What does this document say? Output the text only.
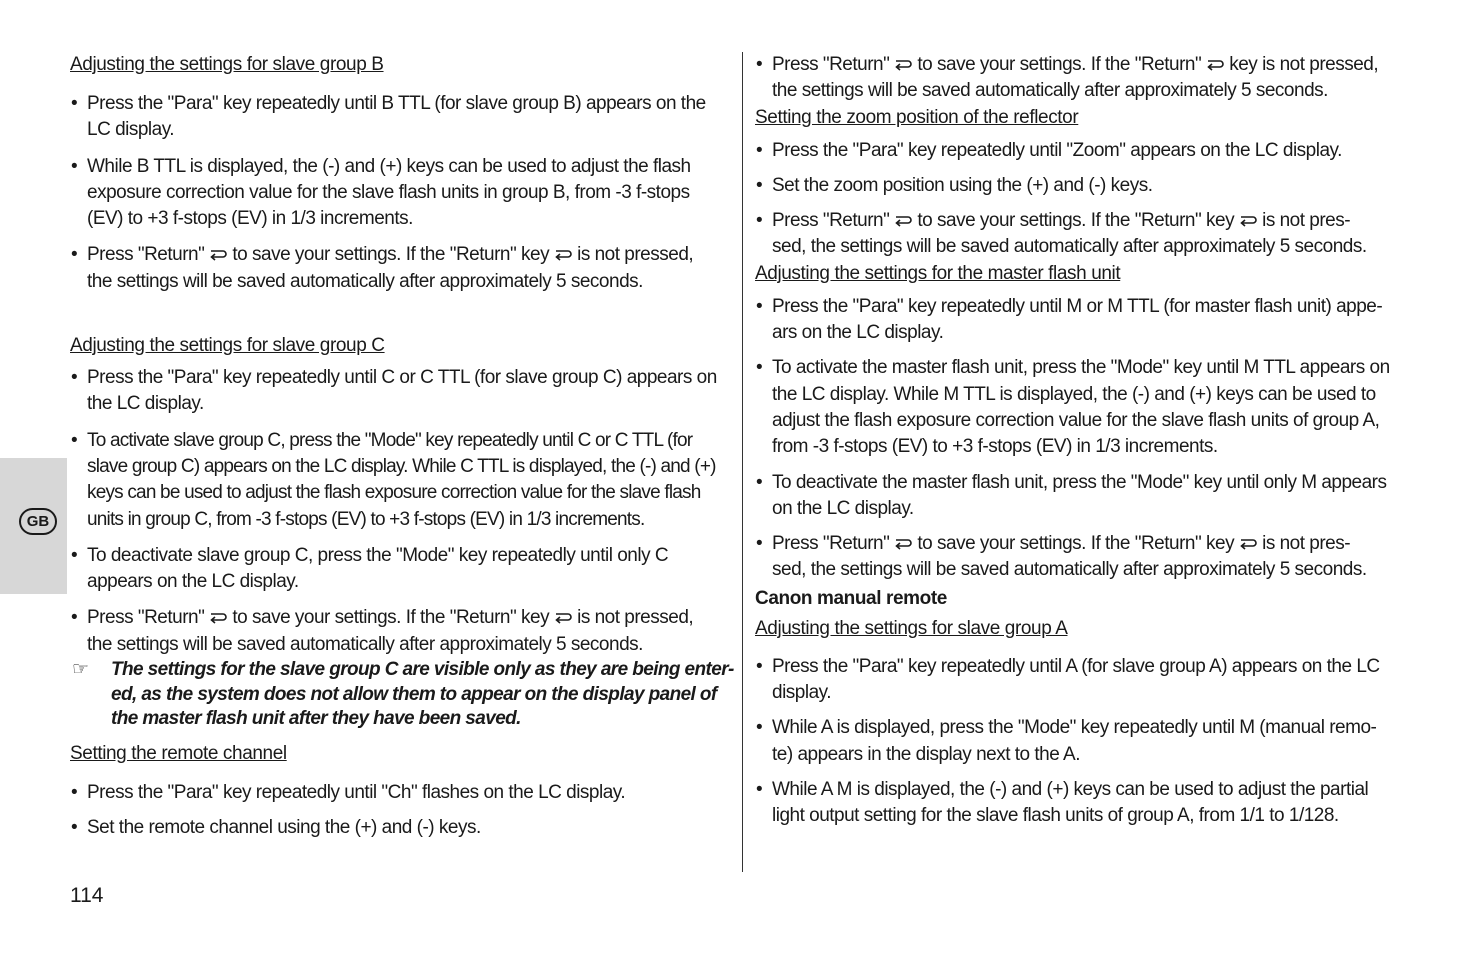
GB
Adjusting the settings for slave group B
• Press the "Para" key repeatedly until B TTL (for slave group B) appears on the
LC display.
• While B TTL is displayed, the (-) and (+) keys can be used to adjust the flash
exposure correction value for the slave flash units in group B, from -3 f-stops
(EV) to +3 f-stops (EV) in 1/3 increments.
• Press "Return" to save your settings. If the "Return" key is not pressed,
the settings will be saved automatically after approximately 5 seconds.
Adjusting the settings for slave group C
• Press the "Para" key repeatedly until C or C TTL (for slave group C) appears on
the LC display.
• To activate slave group C, press the "Mode" key repeatedly until C or C TTL (for
slave group C) appears on the LC display. While C TTL is displayed, the (-) and (+)
keys can be used to adjust the flash exposure correction value for the slave flash
units in group C, from -3 f-stops (EV) to +3 f-stops (EV) in 1/3 increments.
• To deactivate slave group C, press the "Mode" key repeatedly until only C
appears on the LC display.
• Press "Return" to save your settings. If the "Return" key is not pressed,
the settings will be saved automatically after approximately 5 seconds.
☞ The settings for the slave group C are visible only as they are being enter-
ed, as the system does not allow them to appear on the display panel of
the master flash unit after they have been saved.
Setting the remote channel
• Press the "Para" key repeatedly until "Ch" flashes on the LC display.
• Set the remote channel using the (+) and (-) keys.
• Press "Return" to save your settings. If the "Return" key is not pressed,
the settings will be saved automatically after approximately 5 seconds.
Setting the zoom position of the reflector
• Press the "Para" key repeatedly until "Zoom" appears on the LC display.
• Set the zoom position using the (+) and (-) keys.
• Press "Return" to save your settings. If the "Return" key is not pres-
sed, the settings will be saved automatically after approximately 5 seconds.
Adjusting the settings for the master flash unit
• Press the "Para" key repeatedly until M or M TTL (for master flash unit) appe-
ars on the LC display.
• To activate the master flash unit, press the "Mode" key until M TTL appears on
the LC display. While M TTL is displayed, the (-) and (+) keys can be used to
adjust the flash exposure correction value for the slave flash units of group A,
from -3 f-stops (EV) to +3 f-stops (EV) in 1/3 increments.
• To deactivate the master flash unit, press the "Mode" key until only M appears
on the LC display.
• Press "Return" to save your settings. If the "Return" key is not pres-
sed, the settings will be saved automatically after approximately 5 seconds.
Canon manual remote
Adjusting the settings for slave group A
• Press the "Para" key repeatedly until A (for slave group A) appears on the LC
display.
• While A is displayed, press the "Mode" key repeatedly until M (manual remo-
te) appears in the display next to the A.
• While A M is displayed, the (-) and (+) keys can be used to adjust the partial
light output setting for the slave flash units of group A, from 1/1 to 1/128.
114
